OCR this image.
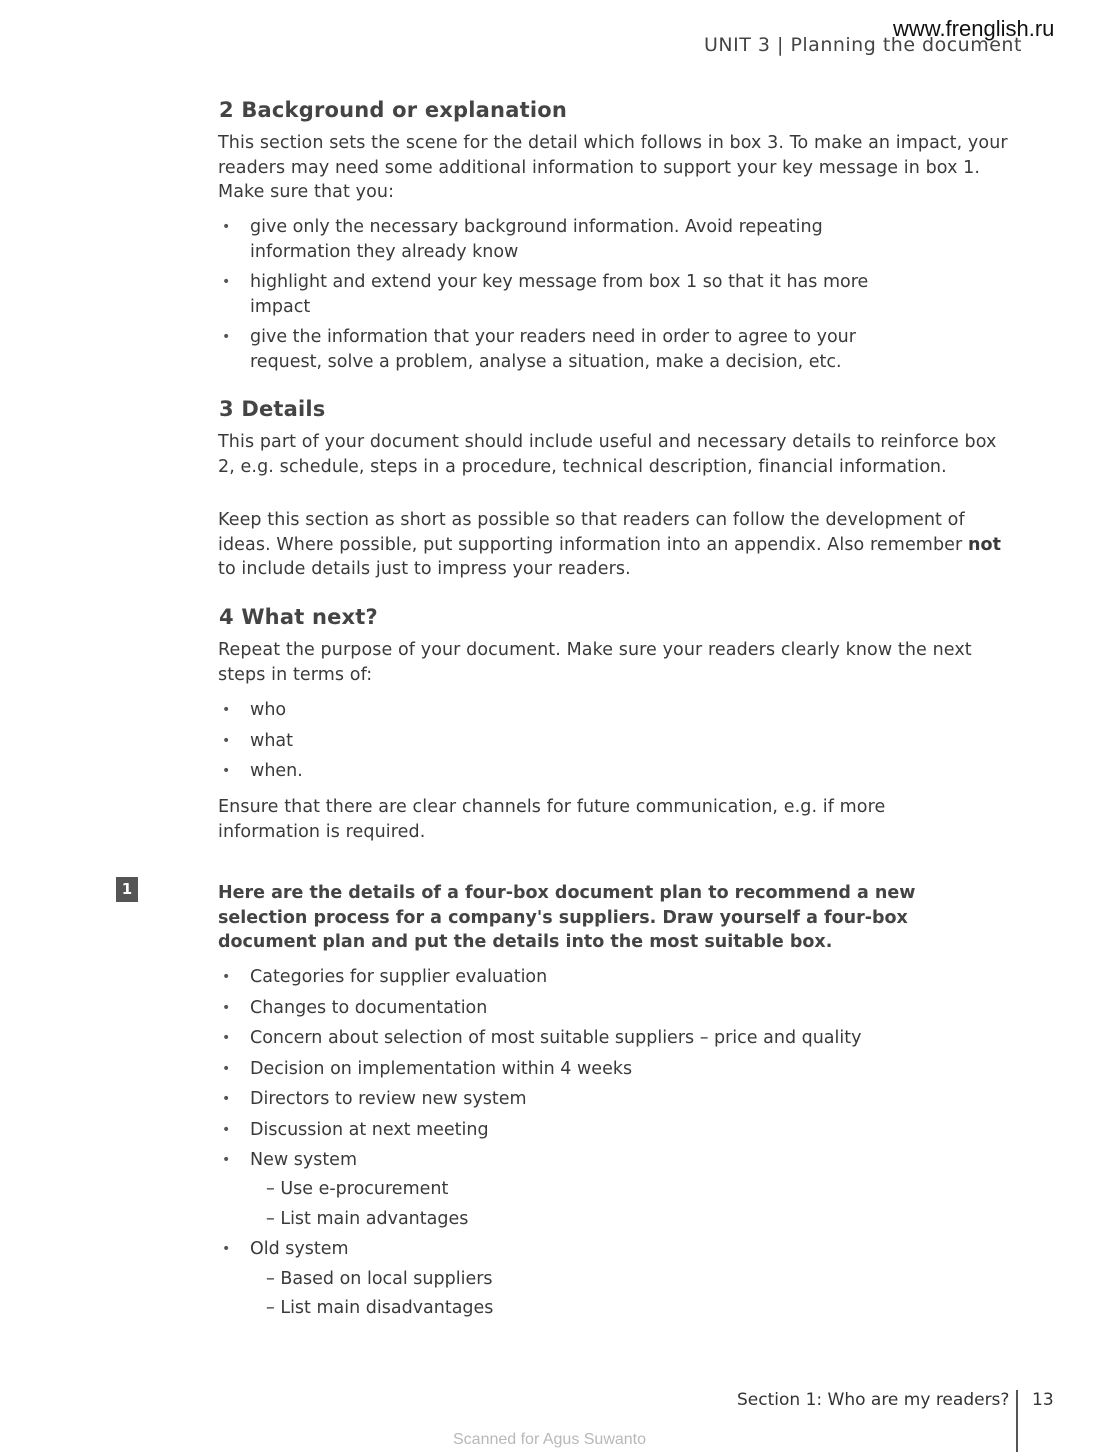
www.frenglish.ru
UNIT 3 | Planning the document
2 Background or explanation

This section sets the scene for the detail which follows in box 3. To make an impact, your readers may need some additional information to support your key message in box 1. Make sure that you:

• give only the necessary background information. Avoid repeating information they already know
• highlight and extend your key message from box 1 so that it has more impact
• give the information that your readers need in order to agree to your request, solve a problem, analyse a situation, make a decision, etc.
3 Details

This part of your document should include useful and necessary details to reinforce box 2, e.g. schedule, steps in a procedure, technical description, financial information.

Keep this section as short as possible so that readers can follow the development of ideas. Where possible, put supporting information into an appendix. Also remember not to include details just to impress your readers.

4 What next?

Repeat the purpose of your document. Make sure your readers clearly know the next steps in terms of:

• who
• what
• when.

Ensure that there are clear channels for future communication, e.g. if more information is required.

1	Here are the details of a four-box document plan to recommend a new selection process for a company's suppliers. Draw yourself a four-box document plan and put the details into the most suitable box.

• Categories for supplier evaluation
• Changes to documentation
• Concern about selection of most suitable suppliers – price and quality
• Decision on implementation within 4 weeks
• Directors to review new system
• Discussion at next meeting
• New system
– Use e-procurement
– List main advantages
• Old system
– Based on local suppliers
– List main disadvantages
Section 1: Who are my readers? 13
Scanned for Agus Suwanto
